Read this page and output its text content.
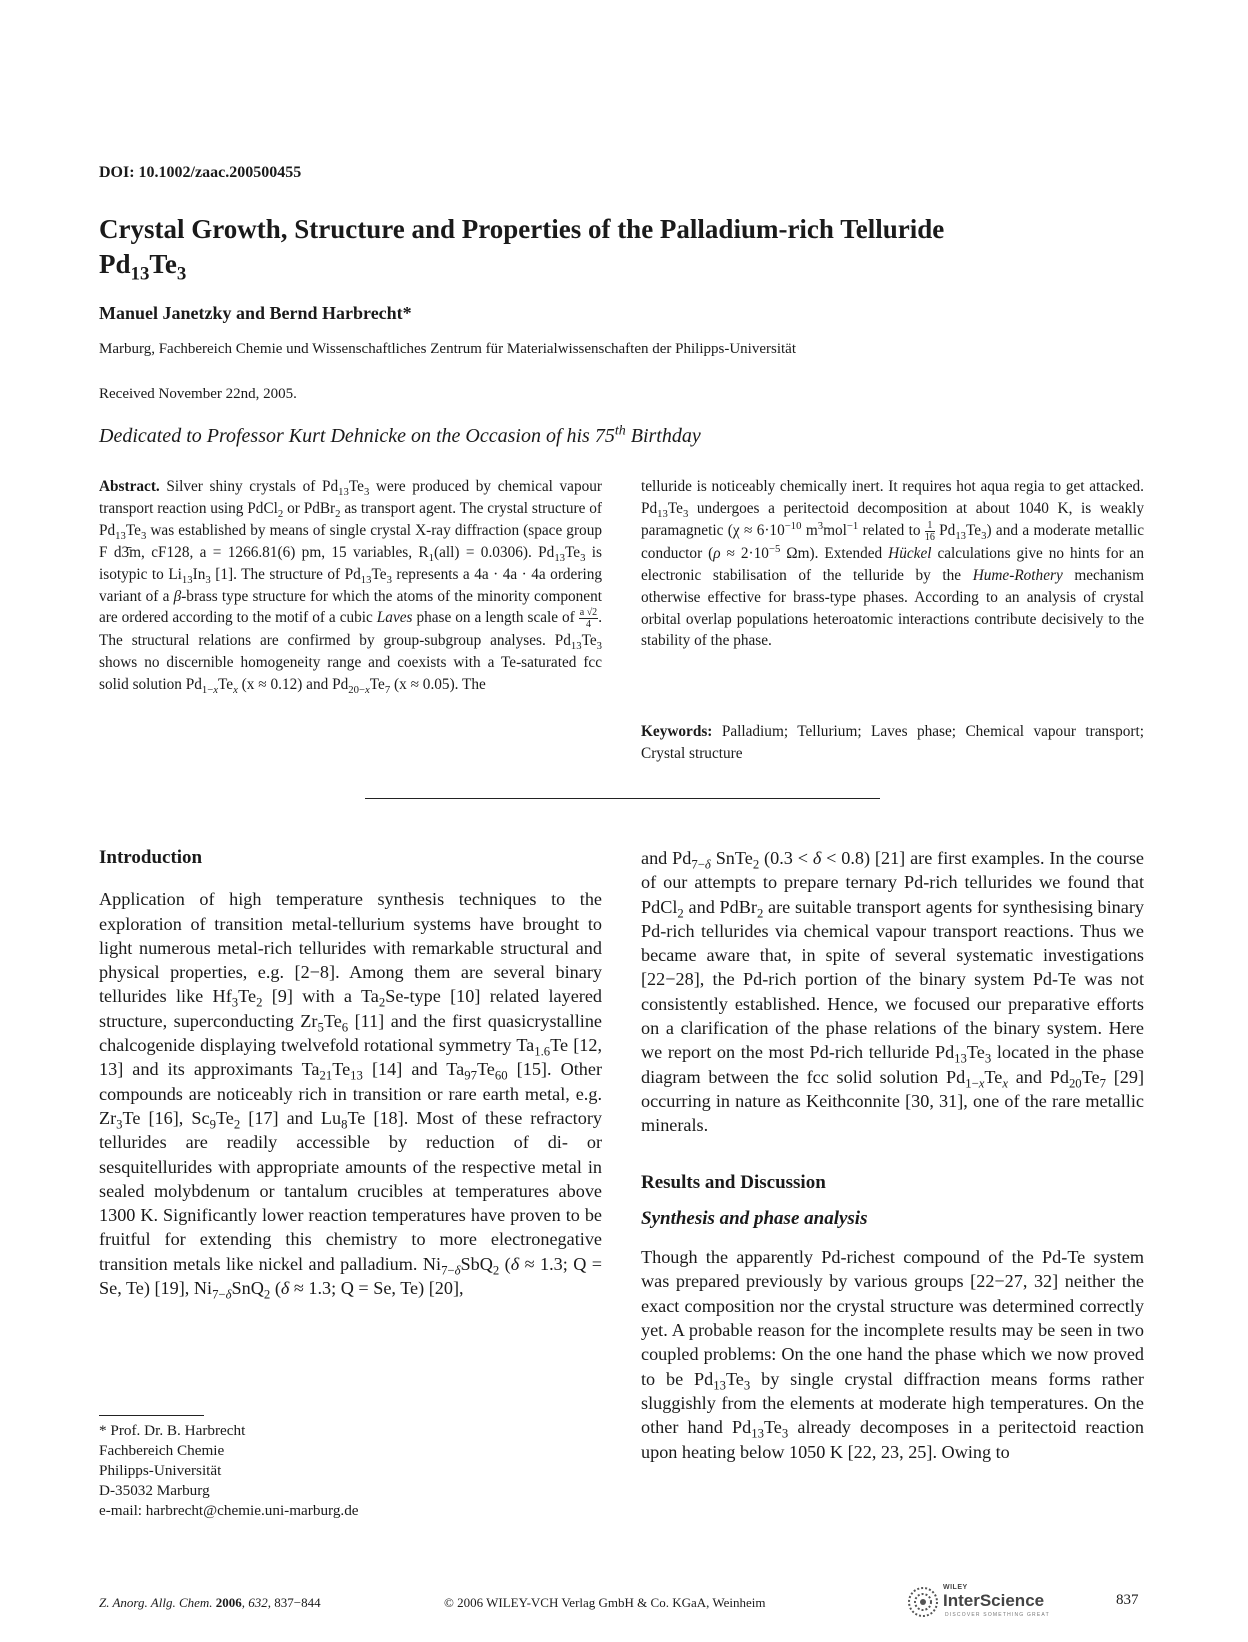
DOI: 10.1002/zaac.200500455
Crystal Growth, Structure and Properties of the Palladium-rich Telluride
$Pd_{13}Te_3$
Manuel Janetzky and Bernd Harbrecht*
Marburg, Fachbereich Chemie und Wissenschaftliches Zentrum für Materialwissenschaften der Philipps-Universität
Received November 22nd, 2005.
Dedicated to Professor Kurt Dehnicke on the Occasion of his 75th Birthday
Abstract. Silver shiny crystals of $Pd_{13}Te_3$ were produced by chemical vapour transport reaction using PdCl$_2$ or PdBr$_2$ as transport agent. The crystal structure of $Pd_{13}Te_3$ was established by means of single crystal X-ray diffraction (space group F d3̄m, cF128, a = 1266.81(6) pm, 15 variables, $R_1(all) = 0.0306$). $Pd_{13}Te_3$ is isotypic to $Li_{13}In_3$ [1]. The structure of $Pd_{13}Te_3$ represents a 4a · 4a · 4a ordering variant of a β-brass type structure for which the atoms of the minority component are ordered according to the motif of a cubic Laves phase on a length scale of $\frac{a √2}{4}$ . The structural relations are confirmed by group-subgroup analyses. $Pd_{13}Te_3$ shows no discernible homogeneity range and coexists with a Te-saturated fcc solid solution $Pd_{1-x}Te_x$ (x ≈ 0.12) and $Pd_{20-x}Te_7$ (x ≈ 0.05). The
telluride is noticeably chemically inert. It requires hot aqua regia to get attacked. $Pd_{13}Te_3$ undergoes a peritectoid decomposition at about 1040 K, is weakly paramagnetic ($\chi \approx 6\cdot 10^{-10}$ $m^3mol^{-1}$ related to $\frac{1}{16} Pd_{13}Te_3$) and a moderate metallic conductor ($\rho \approx 2\cdot 10^{-5}$ Ωm). Extended Hückel calculations give no hints for an electronic stabilisation of the telluride by the Hume-Rothery mechanism otherwise effective for brass-type phases. According to an analysis of crystal orbital overlap populations heteroatomic interactions contribute decisively to the stability of the phase.
Keywords: Palladium; Tellurium; Laves phase; Chemical vapour transport; Crystal structure
Introduction
Application of high temperature synthesis techniques to the exploration of transition metal-tellurium systems have brought to light numerous metal-rich tellurides with remarkable structural and physical properties, e.g. [2−8]. Among them are several binary tellurides like $Hf_3Te_2$ [9] with a $Ta_2Se$-type [10] related layered structure, superconducting $Zr_5Te_6$ [11] and the first quasicrystalline chalcogenide displaying twelvefold rotational symmetry $Ta_{1.6}Te$ [12, 13] and its approximants $Ta_{21}Te_{13}$ [14] and $Ta_{97}Te_{60}$ [15]. Other compounds are noticeably rich in transition or rare earth metal, e.g. $Zr_3Te$ [16], $Sc_9Te_2$ [17] and $Lu_8Te$ [18]. Most of these refractory tellurides are readily accessible by reduction of di- or sesquitellurides with appropriate amounts of the respective metal in sealed molybdenum or tantalum crucibles at temperatures above 1300 K. Significantly lower reaction temperatures have proven to be fruitful for extending this chemistry to more electronegative transition metals like nickel and palladium. $Ni_{7-\delta}SbQ_2$ (δ ≈ 1.3; Q = Se, Te) [19], $Ni_{7-\delta}SnQ_2$ (δ ≈ 1.3; Q = Se, Te) [20],
and $Pd_{7-\delta}$ SnTe$_2$ (0.3 < δ < 0.8) [21] are first examples. In the course of our attempts to prepare ternary Pd-rich tellurides we found that PdCl$_2$ and PdBr$_2$ are suitable transport agents for synthesising binary Pd-rich tellurides via chemical vapour transport reactions. Thus we became aware that, in spite of several systematic investigations [22−28], the Pd-rich portion of the binary system Pd-Te was not consistently established. Hence, we focused our preparative efforts on a clarification of the phase relations of the binary system. Here we report on the most Pd-rich telluride $Pd_{13}Te_3$ located in the phase diagram between the fcc solid solution $Pd_{1-x}Te_x$ and $Pd_{20}Te_7$ [29] occurring in nature as Keithconnite [30, 31], one of the rare metallic minerals.
Results and Discussion
Synthesis and phase analysis
Though the apparently Pd-richest compound of the Pd-Te system was prepared previously by various groups [22−27, 32] neither the exact composition nor the crystal structure was determined correctly yet. A probable reason for the incomplete results may be seen in two coupled problems: On the one hand the phase which we now proved to be $Pd_{13}Te_3$ by single crystal diffraction means forms rather sluggishly from the elements at moderate high temperatures. On the other hand $Pd_{13}Te_3$ already decomposes in a peritectoid reaction upon heating below 1050 K [22, 23, 25]. Owing to
* Prof. Dr. B. Harbrecht
Fachbereich Chemie
Philipps-Universität
D-35032 Marburg
e-mail: harbrecht@chemie.uni-marburg.de
Z. Anorg. Allg. Chem. 2006, 632, 837−844	© 2006 WILEY-VCH Verlag GmbH & Co. KGaA, Weinheim
WILEY
InterScience
DISCOVER SOMETHING GREAT
837
